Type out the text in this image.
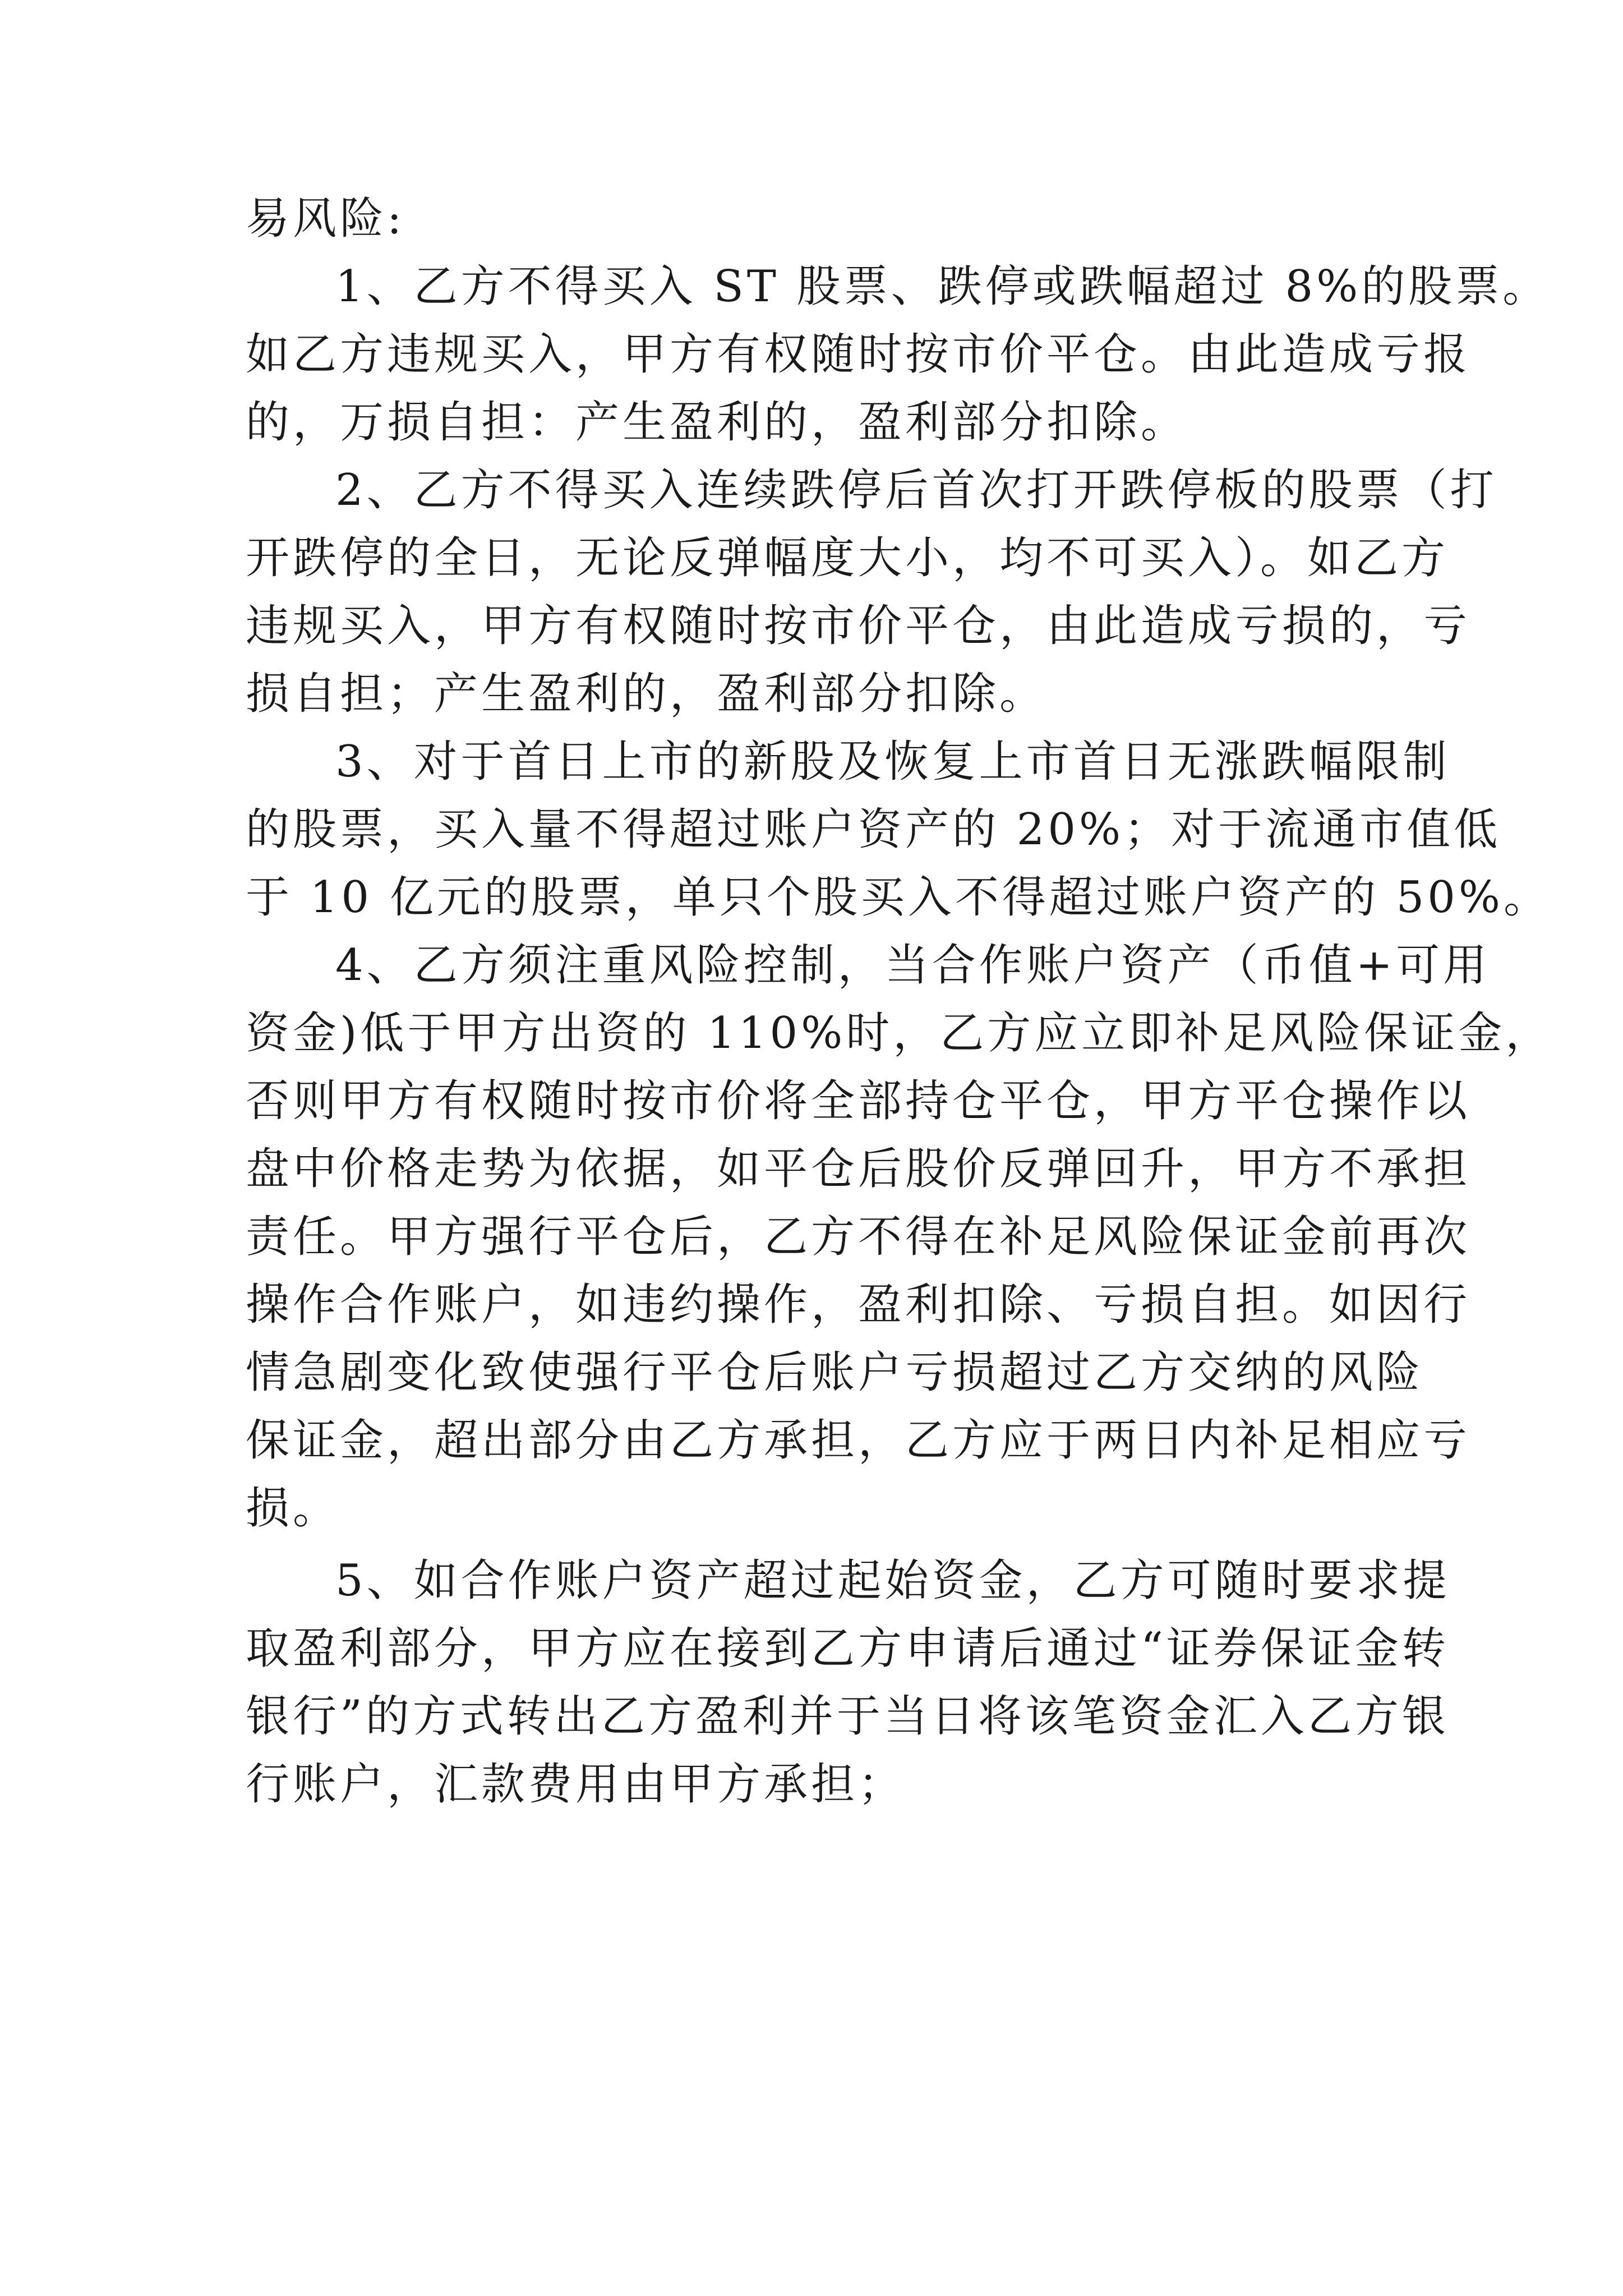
易风险:
1、乙方不得买入 ST 股票、跌停或跌幅超过 8%的股票。
如乙方违规买入，甲方有权随时按市价平仓。由此造成亏报
的，万损自担：产生盈利的，盈利部分扣除。
2、乙方不得买入连续跌停后首次打开跌停板的股票（打
开跌停的全日，无论反弹幅度大小，均不可买入）。如乙方
违规买入，甲方有权随时按市价平仓，由此造成亏损的，亏
损自担；产生盈利的，盈利部分扣除。
3、对于首日上市的新股及恢复上市首日无涨跌幅限制
的股票，买入量不得超过账户资产的 20%；对于流通市值低
于 10 亿元的股票，单只个股买入不得超过账户资产的 50%。
4、乙方须注重风险控制，当合作账户资产（币值+可用
资金)低于甲方出资的 110%时，乙方应立即补足风险保证金，
否则甲方有权随时按市价将全部持仓平仓，甲方平仓操作以
盘中价格走势为依据，如平仓后股价反弹回升，甲方不承担
责任。甲方强行平仓后，乙方不得在补足风险保证金前再次
操作合作账户，如违约操作，盈利扣除、亏损自担。如因行
情急剧变化致使强行平仓后账户亏损超过乙方交纳的风险
保证金，超出部分由乙方承担，乙方应于两日内补足相应亏
损。
5、如合作账户资产超过起始资金，乙方可随时要求提
取盈利部分，甲方应在接到乙方申请后通过“证券保证金转
银行”的方式转出乙方盈利并于当日将该笔资金汇入乙方银
行账户，汇款费用由甲方承担；
